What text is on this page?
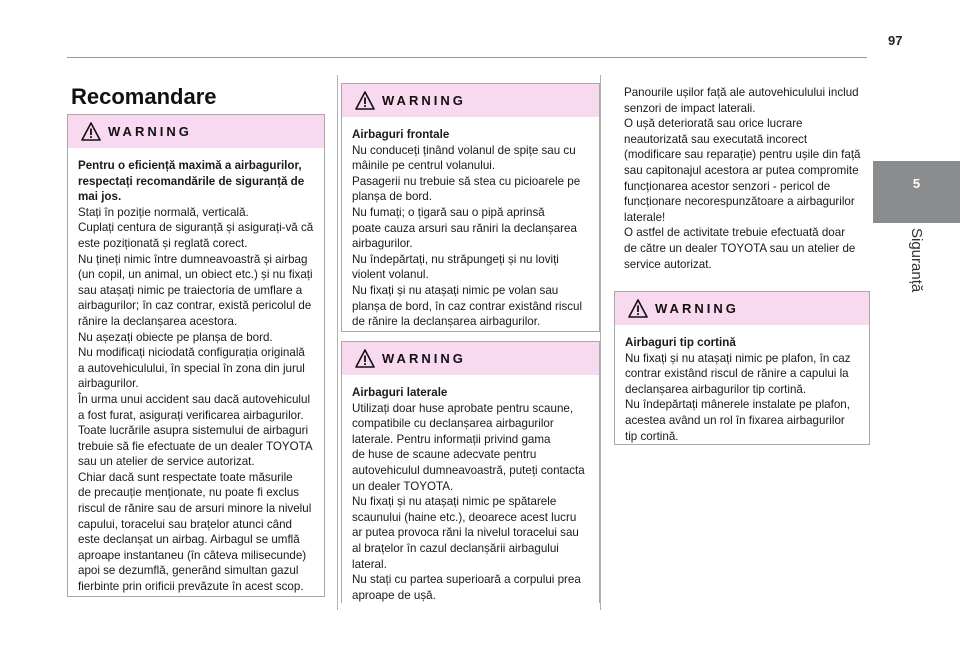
97
5
Siguranță
Recomandare
WARNING
Pentru o eficiență maximă a airbagurilor,
respectați recomandările de siguranță de
mai jos.
Stați în poziție normală, verticală.
Cuplați centura de siguranță și asigurați-vă că
este poziționată și reglată corect.
Nu țineți nimic între dumneavoastră și airbag
(un copil, un animal, un obiect etc.) și nu fixați
sau atașați nimic pe traiectoria de umflare a
airbagurilor; în caz contrar, există pericolul de
rănire la declanșarea acestora.
Nu așezați obiecte pe planșa de bord.
Nu modificați niciodată configurația originală
a autovehiculului, în special în zona din jurul
airbagurilor.
În urma unui accident sau dacă autovehiculul
a fost furat, asigurați verificarea airbagurilor.
Toate lucrările asupra sistemului de airbaguri
trebuie să fie efectuate de un dealer TOYOTA
sau un atelier de service autorizat.
Chiar dacă sunt respectate toate măsurile
de precauție menționate, nu poate fi exclus
riscul de rănire sau de arsuri minore la nivelul
capului, toracelui sau brațelor atunci când
este declanșat un airbag. Airbagul se umflă
aproape instantaneu (în câteva milisecunde)
apoi se dezumflă, generând simultan gazul
fierbinte prin orificii prevăzute în acest scop.
WARNING
Airbaguri frontale
Nu conduceți ținând volanul de spițe sau cu
mâinile pe centrul volanului.
Pasagerii nu trebuie să stea cu picioarele pe
planșa de bord.
Nu fumați; o țigară sau o pipă aprinsă
poate cauza arsuri sau răniri la declanșarea
airbagurilor.
Nu îndepărtați, nu străpungeți și nu loviți
violent volanul.
Nu fixați și nu atașați nimic pe volan sau
planșa de bord, în caz contrar existând riscul
de rănire la declanșarea airbagurilor.
WARNING
Airbaguri laterale
Utilizați doar huse aprobate pentru scaune,
compatibile cu declanșarea airbagurilor
laterale. Pentru informații privind gama
de huse de scaune adecvate pentru
autovehiculul dumneavoastră, puteți contacta
un dealer TOYOTA.
Nu fixați și nu atașați nimic pe spătarele
scaunului (haine etc.), deoarece acest lucru
ar putea provoca răni la nivelul toracelui sau
al brațelor în cazul declanșării airbagului
lateral.
Nu stați cu partea superioară a corpului prea
aproape de ușă.
Panourile ușilor față ale autovehiculului includ
senzori de impact laterali.
O ușă deteriorată sau orice lucrare
neautorizată sau executată incorect
(modificare sau reparație) pentru ușile din față
sau capitonajul acestora ar putea compromite
funcționarea acestor senzori - pericol de
funcționare necorespunzătoare a airbagurilor
laterale!
O astfel de activitate trebuie efectuată doar
de către un dealer TOYOTA sau un atelier de
service autorizat.
WARNING
Airbaguri tip cortină
Nu fixați și nu atașați nimic pe plafon, în caz
contrar existând riscul de rănire a capului la
declanșarea airbagurilor tip cortină.
Nu îndepărtați mânerele instalate pe plafon,
acestea având un rol în fixarea airbagurilor
tip cortină.
